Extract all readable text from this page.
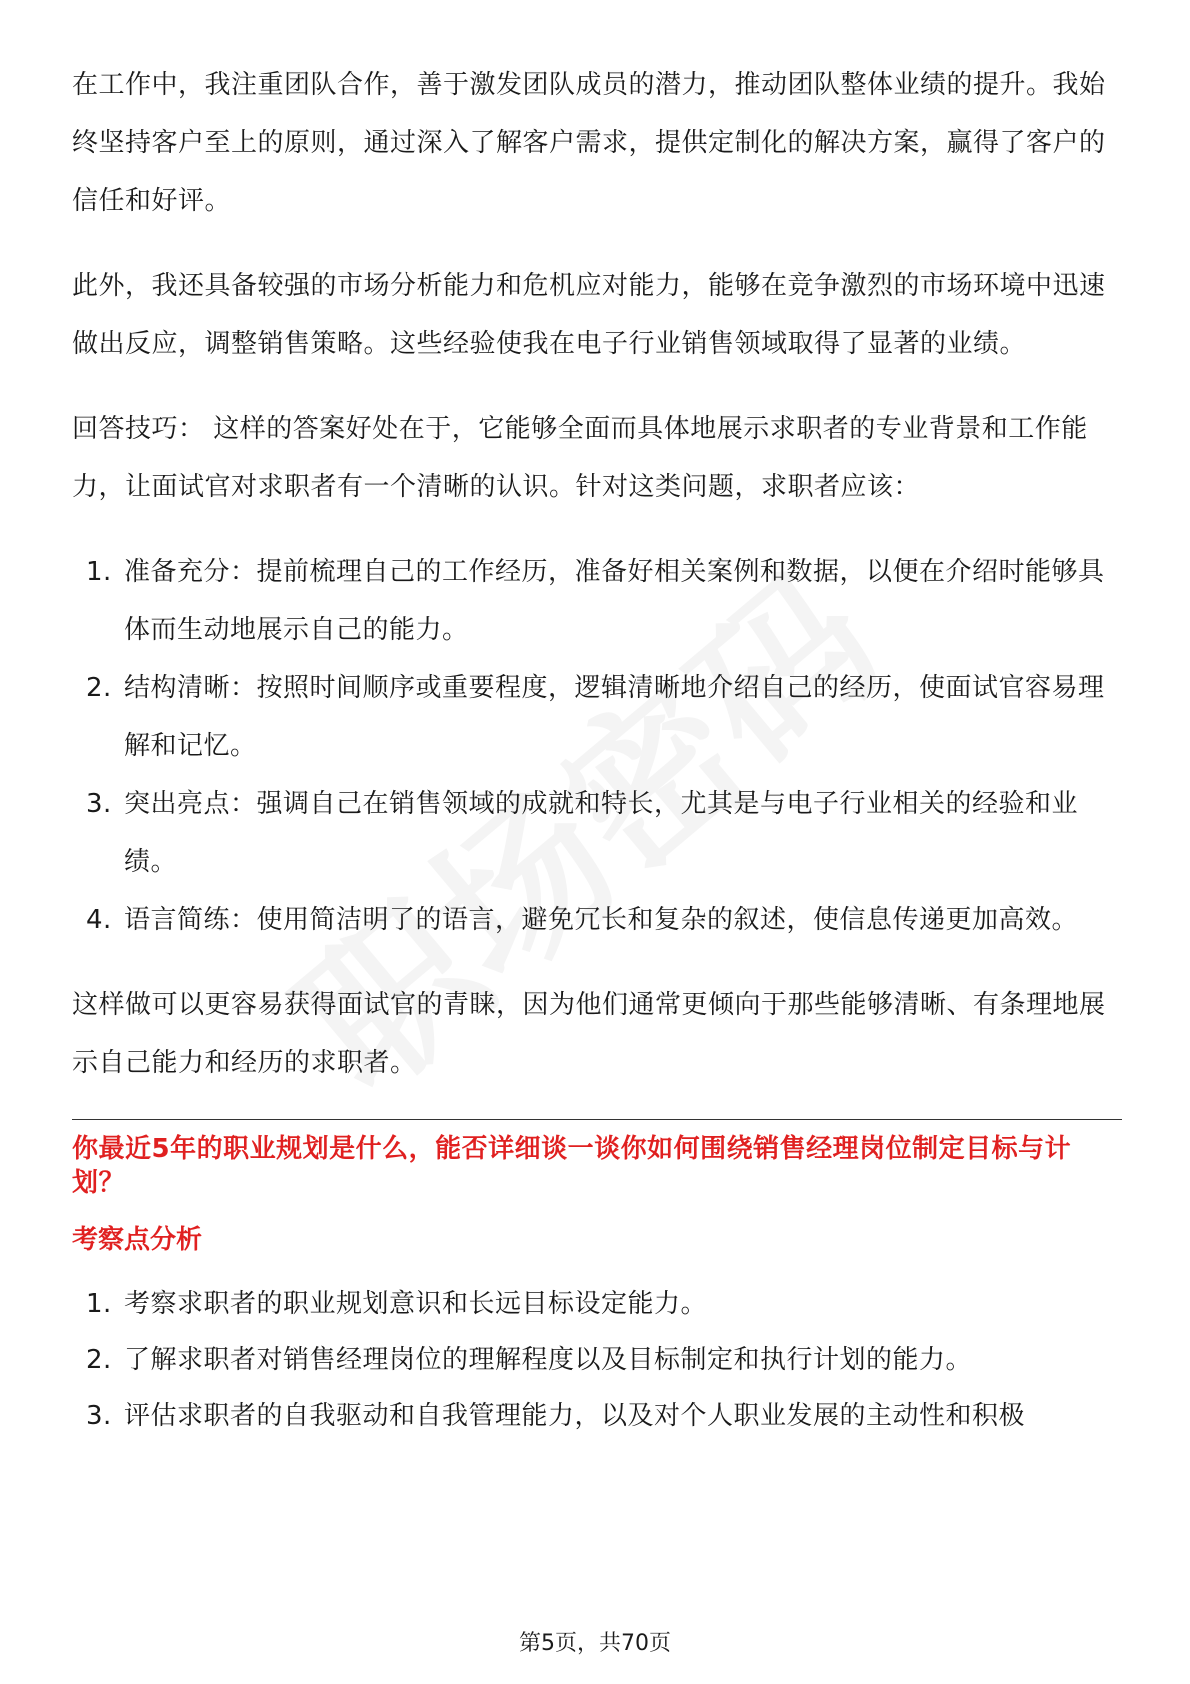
在工作中，我注重团队合作，善于激发团队成员的潜力，推动团队整体业绩的提升。我始终坚持客户至上的原则，通过深入了解客户需求，提供定制化的解决方案，赢得了客户的信任和好评。

此外，我还具备较强的市场分析能力和危机应对能力，能够在竞争激烈的市场环境中迅速做出反应，调整销售策略。这些经验使我在电子行业销售领域取得了显著的业绩。

回答技巧： 这样的答案好处在于，它能够全面而具体地展示求职者的专业背景和工作能力，让面试官对求职者有一个清晰的认识。针对这类问题，求职者应该：

1. 准备充分：提前梳理自己的工作经历，准备好相关案例和数据，以便在介绍时能够具体而生动地展示自己的能力。
2. 结构清晰：按照时间顺序或重要程度，逻辑清晰地介绍自己的经历，使面试官容易理解和记忆。
3. 突出亮点：强调自己在销售领域的成就和特长，尤其是与电子行业相关的经验和业绩。
4. 语言简练：使用简洁明了的语言，避免冗长和复杂的叙述，使信息传递更加高效。

这样做可以更容易获得面试官的青睐，因为他们通常更倾向于那些能够清晰、有条理地展示自己能力和经历的求职者。

你最近5年的职业规划是什么，能否详细谈一谈你如何围绕销售经理岗位制定目标与计划？
考察点分析
1. 考察求职者的职业规划意识和长远目标设定能力。
2. 了解求职者对销售经理岗位的理解程度以及目标制定和执行计划的能力。
3. 评估求职者的自我驱动和自我管理能力，以及对个人职业发展的主动性和积极
第5页，共70页
